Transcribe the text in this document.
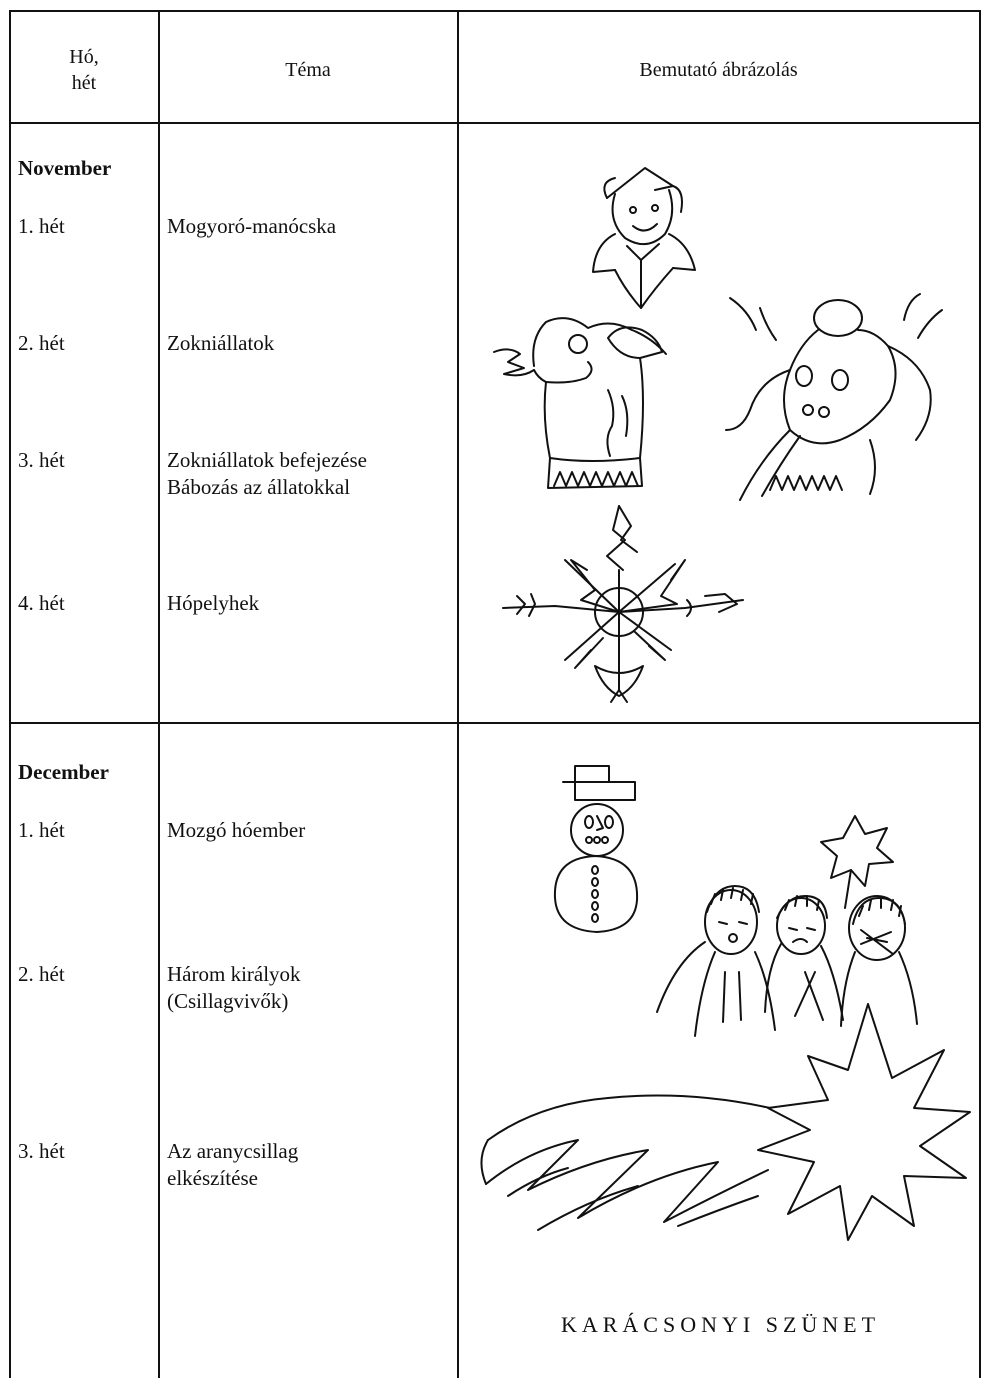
Hó,
hét
Téma	Bemutató ábrázolás
November
1. hét	Mogyoró-manócska
2. hét	Zokniállatok
3. hét	Zokniállatok befejezése
Bábozás az állatokkal
4. hét	Hópelyhek
December
1. hét	Mozgó hóember
2. hét	Három királyok
(Csillagvivők)
3. hét	Az aranycsillag
elkészítése
KARÁCSONYI SZÜNET
